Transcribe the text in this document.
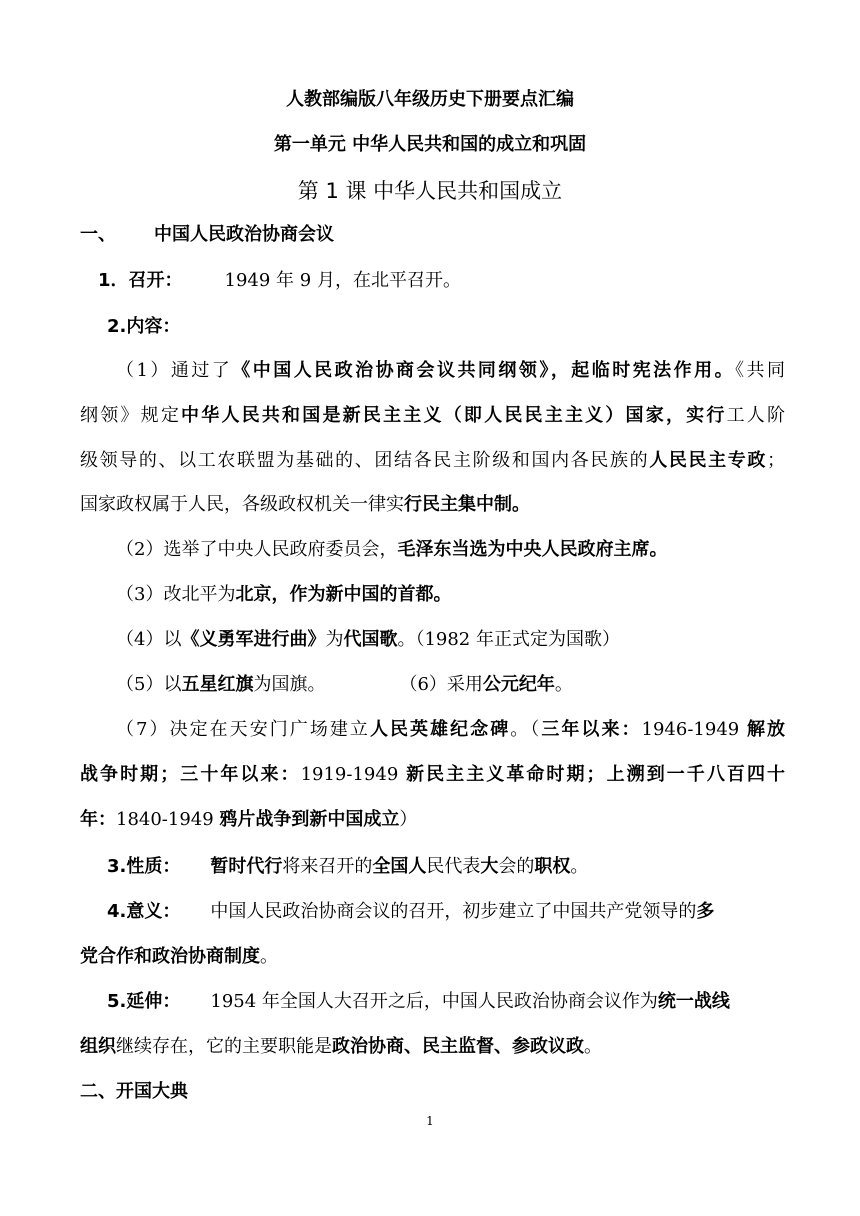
人教部编版八年级历史下册要点汇编
第一单元 中华人民共和国的成立和巩固
第 1 课 中华人民共和国成立
一、 中国人民政治协商会议
1．召开： 1949 年 9 月，在北平召开。
2.内容：
（1）通过了《中国人民政治协商会议共同纲领》，起临时宪法作用。《共同
纲领》规定中华人民共和国是新民主主义（即人民民主主义）国家，实行工人阶
级领导的、以工农联盟为基础的、团结各民主阶级和国内各民族的人民民主专政；
国家政权属于人民，各级政权机关一律实行民主集中制。
（2）选举了中央人民政府委员会，毛泽东当选为中央人民政府主席。
（3）改北平为北京，作为新中国的首都。
（4）以《义勇军进行曲》为代国歌。（1982 年正式定为国歌）
（5）以五星红旗为国旗。	（6）采用公元纪年。
（7）决定在天安门广场建立人民英雄纪念碑。（三年以来：1946-1949 解放
战争时期；三十年以来：1919-1949 新民主主义革命时期；上溯到一千八百四十
年：1840-1949 鸦片战争到新中国成立）
3.性质： 暂时代行将来召开的全国人民代表大会的职权。
4.意义： 中国人民政治协商会议的召开，初步建立了中国共产党领导的多
党合作和政治协商制度。
5.延伸： 1954 年全国人大召开之后，中国人民政治协商会议作为统一战线
组织继续存在，它的主要职能是政治协商、民主监督、参政议政。
二、开国大典
1
